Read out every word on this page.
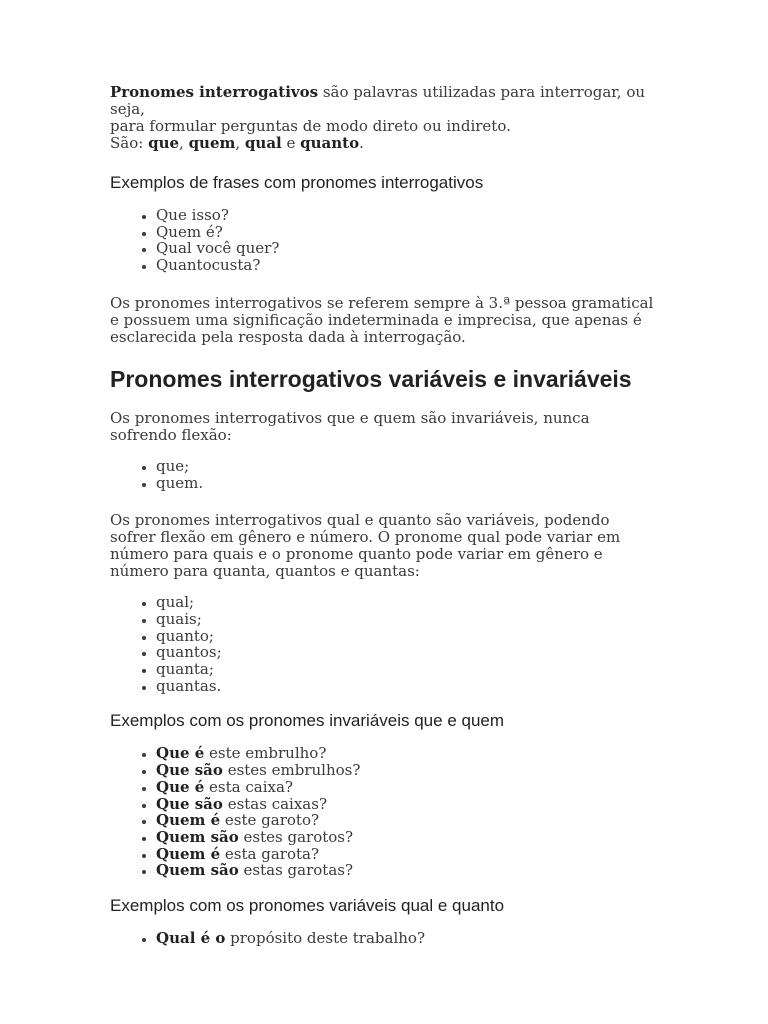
Pronomes interrogativos são palavras utilizadas para interrogar, ou seja,
para formular perguntas de modo direto ou indireto.
São: que, quem, qual e quanto.

Exemplos de frases com pronomes interrogativos
• Que isso?
• Quem é?
• Qual você quer?
• Quantocusta?

Os pronomes interrogativos se referem sempre à 3.ª pessoa gramatical e possuem uma significação indeterminada e imprecisa, que apenas é esclarecida pela resposta dada à interrogação.

Pronomes interrogativos variáveis e invariáveis

Os pronomes interrogativos que e quem são invariáveis, nunca sofrendo flexão:

• que;
• quem.

Os pronomes interrogativos qual e quanto são variáveis, podendo sofrer flexão em gênero e número. O pronome qual pode variar em número para quais e o pronome quanto pode variar em gênero e número para quanta, quantos e quantas:

• qual;
• quais;
• quanto;
• quantos;
• quanta;
• quantas.
Exemplos com os pronomes invariáveis que e quem
• Que é este embrulho?
• Que são estes embrulhos?
• Que é esta caixa?
• Que são estas caixas?
• Quem é este garoto?
• Quem são estes garotos?
• Quem é esta garota?
• Quem são estas garotas?
Exemplos com os pronomes variáveis qual e quanto
• Qual é o propósito deste trabalho?
